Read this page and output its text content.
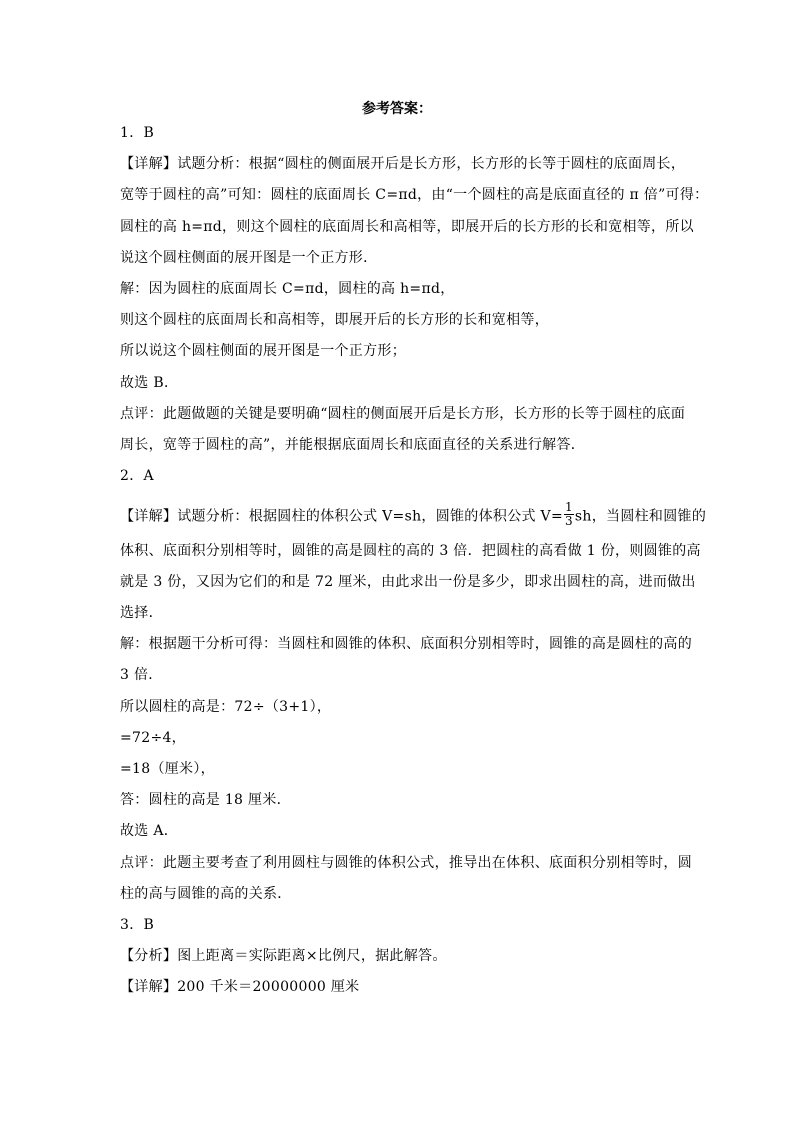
参考答案：
1．B
【详解】试题分析：根据“圆柱的侧面展开后是长方形，长方形的长等于圆柱的底面周长，
宽等于圆柱的高”可知：圆柱的底面周长 C=πd，由“一个圆柱的高是底面直径的 π 倍”可得：
圆柱的高 h=πd，则这个圆柱的底面周长和高相等，即展开后的长方形的长和宽相等，所以
说这个圆柱侧面的展开图是一个正方形．
解：因为圆柱的底面周长 C=πd，圆柱的高 h=πd，
则这个圆柱的底面周长和高相等，即展开后的长方形的长和宽相等，
所以说这个圆柱侧面的展开图是一个正方形；
故选 B．
点评：此题做题的关键是要明确“圆柱的侧面展开后是长方形，长方形的长等于圆柱的底面
周长，宽等于圆柱的高”，并能根据底面周长和底面直径的关系进行解答．
2．A
【详解】试题分析：根据圆柱的体积公式 V=sh，圆锥的体积公式 $V= \frac{1}{3}$ sh，当圆柱和圆锥的
体积、底面积分别相等时，圆锥的高是圆柱的高的 3 倍．把圆柱的高看做 1 份，则圆锥的高
就是 3 份，又因为它们的和是 72 厘米，由此求出一份是多少，即求出圆柱的高，进而做出
选择．
解：根据题干分析可得：当圆柱和圆锥的体积、底面积分别相等时，圆锥的高是圆柱的高的
3 倍．
所以圆柱的高是：72÷（3+1），
=72÷4，
=18（厘米），
答：圆柱的高是 18 厘米．
故选 A．
点评：此题主要考查了利用圆柱与圆锥的体积公式，推导出在体积、底面积分别相等时，圆
柱的高与圆锥的高的关系．
3．B
【分析】图上距离＝实际距离×比例尺，据此解答。
【详解】200 千米＝20000000 厘米
